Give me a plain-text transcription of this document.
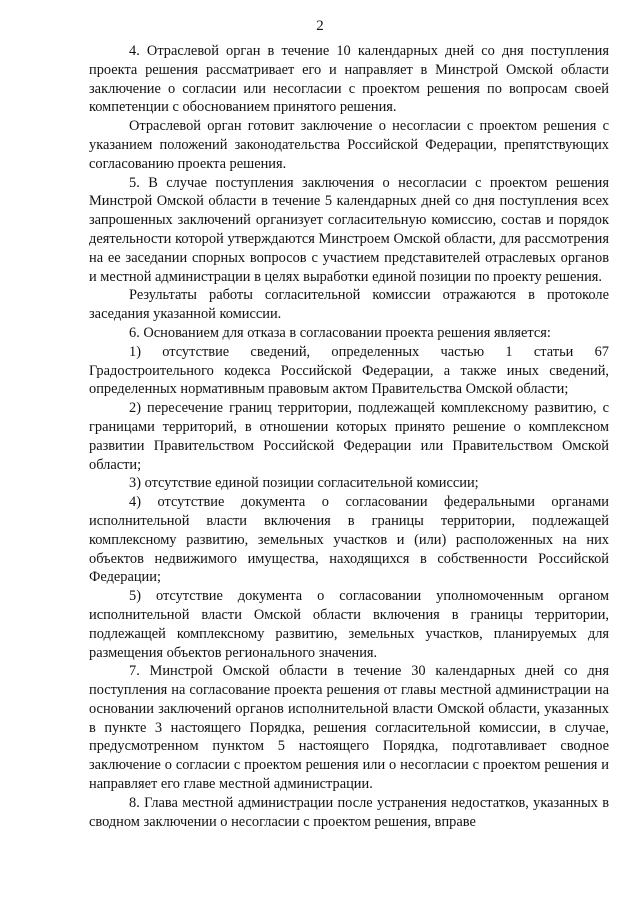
2

4. Отраслевой орган в течение 10 календарных дней со дня поступления проекта решения рассматривает его и направляет в Минстрой Омской области заключение о согласии или несогласии с проектом решения по вопросам своей компетенции с обоснованием принятого решения.

Отраслевой орган готовит заключение о несогласии с проектом решения с указанием положений законодательства Российской Федерации, препятствующих согласованию проекта решения.

5. В случае поступления заключения о несогласии с проектом решения Минстрой Омской области в течение 5 календарных дней со дня поступления всех запрошенных заключений организует согласительную комиссию, состав и порядок деятельности которой утверждаются Минстроем Омской области, для рассмотрения на ее заседании спорных вопросов с участием представителей отраслевых органов и местной администрации в целях выработки единой позиции по проекту решения.

Результаты работы согласительной комиссии отражаются в протоколе заседания указанной комиссии.

6. Основанием для отказа в согласовании проекта решения является:

1) отсутствие сведений, определенных частью 1 статьи 67 Градостроительного кодекса Российской Федерации, а также иных сведений, определенных нормативным правовым актом Правительства Омской области;

2) пересечение границ территории, подлежащей комплексному развитию, с границами территорий, в отношении которых принято решение о комплексном развитии Правительством Российской Федерации или Правительством Омской области;

3) отсутствие единой позиции согласительной комиссии;

4) отсутствие документа о согласовании федеральными органами исполнительной власти включения в границы территории, подлежащей комплексному развитию, земельных участков и (или) расположенных на них объектов недвижимого имущества, находящихся в собственности Российской Федерации;

5) отсутствие документа о согласовании уполномоченным органом исполнительной власти Омской области включения в границы территории, подлежащей комплексному развитию, земельных участков, планируемых для размещения объектов регионального значения.

7. Минстрой Омской области в течение 30 календарных дней со дня поступления на согласование проекта решения от главы местной администрации на основании заключений органов исполнительной власти Омской области, указанных в пункте 3 настоящего Порядка, решения согласительной комиссии, в случае, предусмотренном пунктом 5 настоящего Порядка, подготавливает сводное заключение о согласии с проектом решения или о несогласии с проектом решения и направляет его главе местной администрации.

8. Глава местной администрации после устранения недостатков, указанных в сводном заключении о несогласии с проектом решения, вправе
